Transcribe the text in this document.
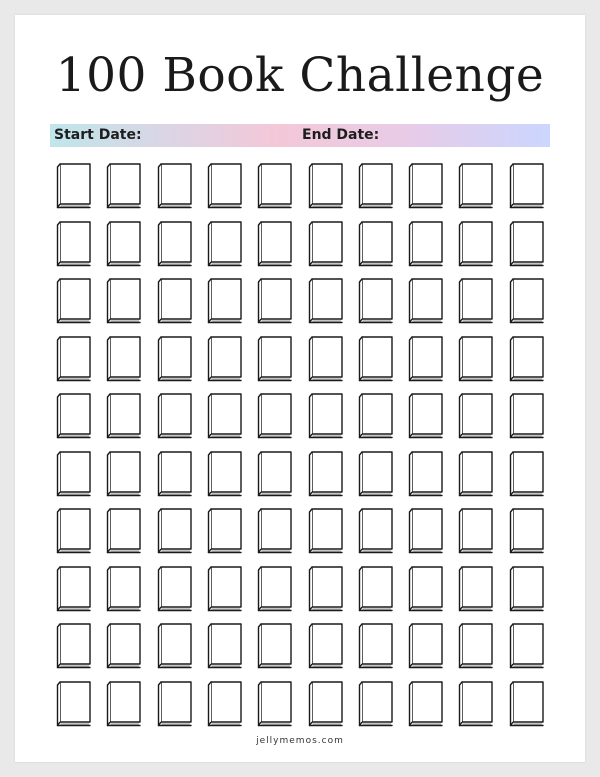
100 Book Challenge
Start Date:	End Date:
jellymemos.com
